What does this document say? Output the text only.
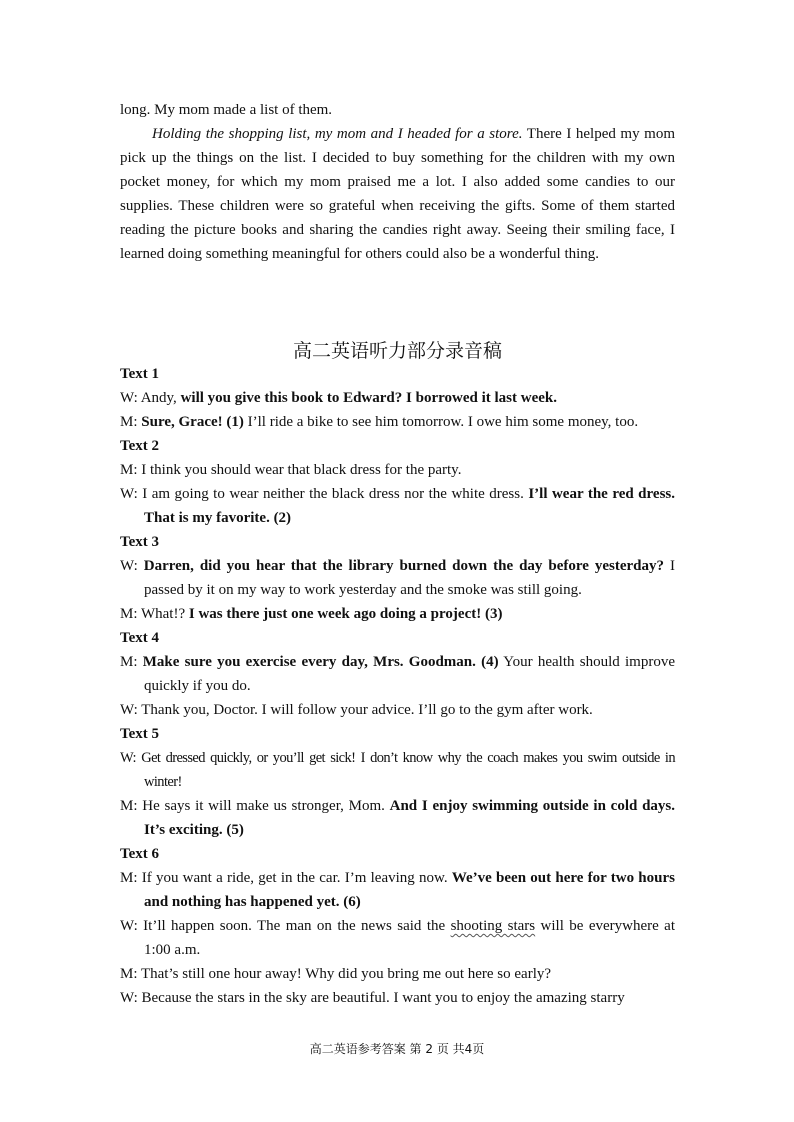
long. My mom made a list of them.

Holding the shopping list, my mom and I headed for a store. There I helped my mom pick up the things on the list. I decided to buy something for the children with my own pocket money, for which my mom praised me a lot. I also added some candies to our supplies. These children were so grateful when receiving the gifts. Some of them started reading the picture books and sharing the candies right away. Seeing their smiling face, I learned doing something meaningful for others could also be a wonderful thing.

高二英语听力部分录音稿

Text 1

W: Andy, will you give this book to Edward? I borrowed it last week.

M: Sure, Grace! (1) I’ll ride a bike to see him tomorrow. I owe him some money, too.

Text 2

M: I think you should wear that black dress for the party.

W: I am going to wear neither the black dress nor the white dress. I’ll wear the red dress. That is my favorite. (2)

Text 3

W: Darren, did you hear that the library burned down the day before yesterday? I passed by it on my way to work yesterday and the smoke was still going.

M: What!? I was there just one week ago doing a project! (3)

Text 4

M: Make sure you exercise every day, Mrs. Goodman. (4) Your health should improve quickly if you do.

W: Thank you, Doctor. I will follow your advice. I’ll go to the gym after work.

Text 5

W: Get dressed quickly, or you’ll get sick! I don’t know why the coach makes you swim outside in winter!

M: He says it will make us stronger, Mom. And I enjoy swimming outside in cold days. It’s exciting. (5)

Text 6

M: If you want a ride, get in the car. I’m leaving now. We’ve been out here for two hours and nothing has happened yet. (6)

W: It’ll happen soon. The man on the news said the shooting stars will be everywhere at 1:00 a.m.

M: That’s still one hour away! Why did you bring me out here so early?

W: Because the stars in the sky are beautiful. I want you to enjoy the amazing starry

高二英语参考答案 第 2 页 共4页
